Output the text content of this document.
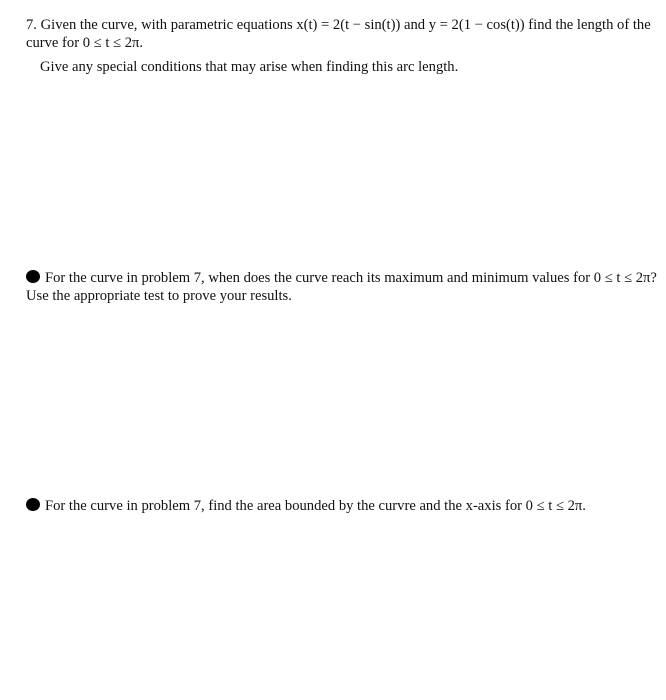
7. Given the curve, with parametric equations x(t) = 2(t − sin(t)) and y = 2(1 − cos(t)) find the length of the
curve for 0 ≤ t ≤ 2π.
Give any special conditions that may arise when finding this arc length.
For the curve in problem 7, when does the curve reach its maximum and minimum values for 0 ≤ t ≤ 2π?
Use the appropriate test to prove your results.
For the curve in problem 7, find the area bounded by the curvre and the x-axis for 0 ≤ t ≤ 2π.
